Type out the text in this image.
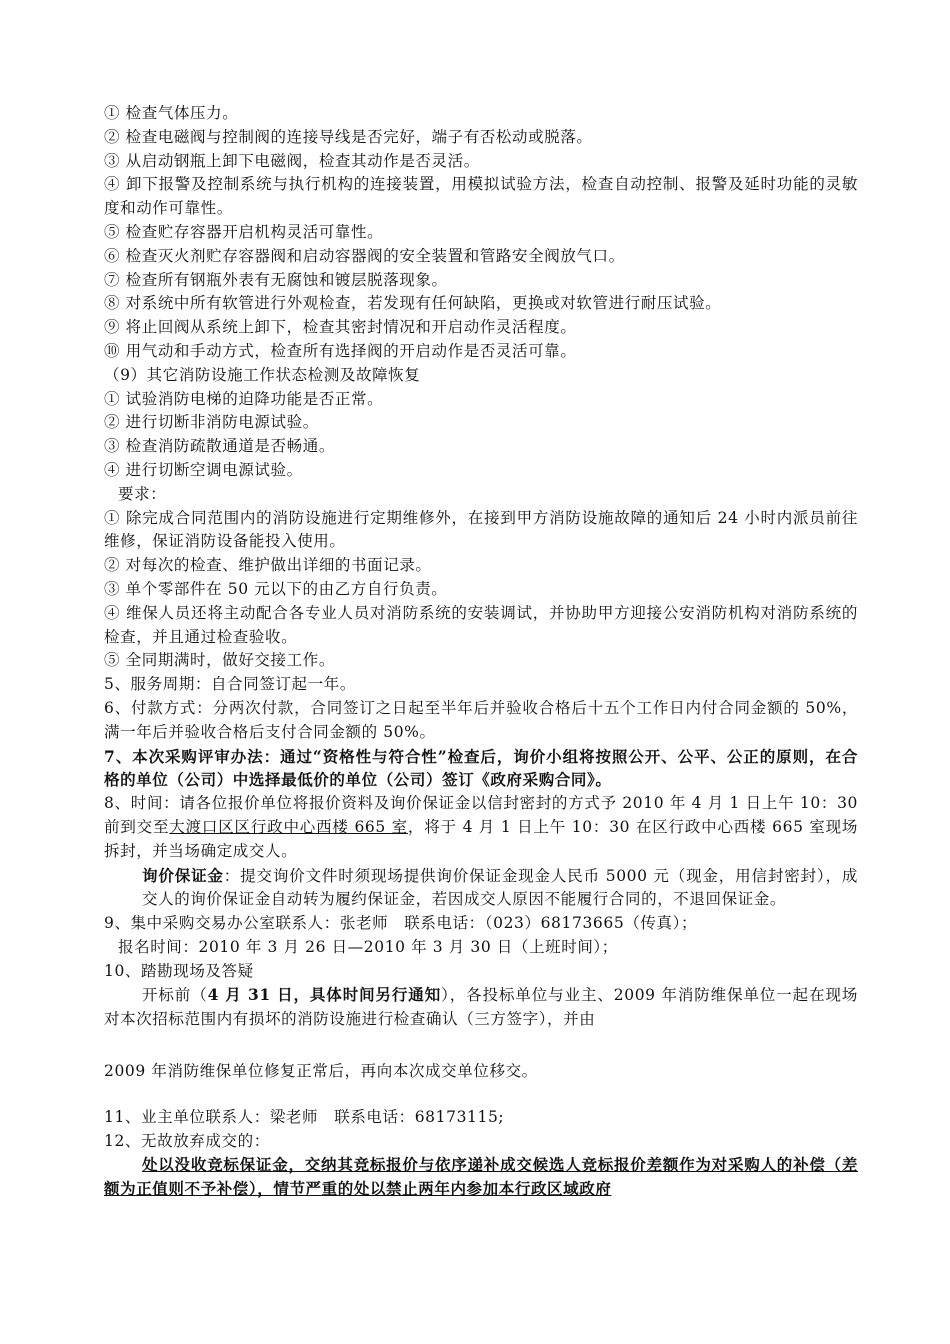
① 检查气体压力。
② 检查电磁阀与控制阀的连接导线是否完好，端子有否松动或脱落。
③ 从启动钢瓶上卸下电磁阀，检查其动作是否灵活。
④ 卸下报警及控制系统与执行机构的连接装置，用模拟试验方法，检查自动控制、报警及延时功能的灵敏度和动作可靠性。
⑤ 检查贮存容器开启机构灵活可靠性。
⑥ 检查灭火剂贮存容器阀和启动容器阀的安全装置和管路安全阀放气口。
⑦ 检查所有钢瓶外表有无腐蚀和镀层脱落现象。
⑧ 对系统中所有软管进行外观检查，若发现有任何缺陷，更换或对软管进行耐压试验。
⑨ 将止回阀从系统上卸下，检查其密封情况和开启动作灵活程度。
⑩ 用气动和手动方式，检查所有选择阀的开启动作是否灵活可靠。
（9）其它消防设施工作状态检测及故障恢复
① 试验消防电梯的迫降功能是否正常。
② 进行切断非消防电源试验。
③ 检查消防疏散通道是否畅通。
④ 进行切断空调电源试验。
要求：
① 除完成合同范围内的消防设施进行定期维修外，在接到甲方消防设施故障的通知后 24 小时内派员前往维修，保证消防设备能投入使用。
② 对每次的检查、维护做出详细的书面记录。
③ 单个零部件在 50 元以下的由乙方自行负责。
④ 维保人员还将主动配合各专业人员对消防系统的安装调试，并协助甲方迎接公安消防机构对消防系统的检查，并且通过检查验收。
⑤ 全同期满时，做好交接工作。
5、服务周期：自合同签订起一年。
6、付款方式：分两次付款，合同签订之日起至半年后并验收合格后十五个工作日内付合同金额的 50%，满一年后并验收合格后支付合同金额的 50%。
7、本次采购评审办法：通过“资格性与符合性”检查后，询价小组将按照公开、公平、公正的原则，在合格的单位（公司）中选择最低价的单位（公司）签订《政府采购合同》。
8、时间：请各位报价单位将报价资料及询价保证金以信封密封的方式予 2010 年 4 月 1 日上午 10：30 前到交至大渡口区区行政中心西楼 665 室，将于 4 月 1 日上午 10：30 在区行政中心西楼 665 室现场拆封，并当场确定成交人。
询价保证金：提交询价文件时须现场提供询价保证金现金人民币 5000 元（现金，用信封密封），成交人的询价保证金自动转为履约保证金，若因成交人原因不能履行合同的，不退回保证金。
9、集中采购交易办公室联系人：张老师　联系电话：（023）68173665（传真）；
报名时间：2010 年 3 月 26 日—2010 年 3 月 30 日（上班时间）；
10、踏勘现场及答疑
开标前（4 月 31 日，具体时间另行通知），各投标单位与业主、2009 年消防维保单位一起在现场对本次招标范围内有损坏的消防设施进行检查确认（三方签字），并由
2009 年消防维保单位修复正常后，再向本次成交单位移交。
11、业主单位联系人：梁老师　联系电话：68173115;
12、无故放弃成交的：
处以没收竞标保证金，交纳其竞标报价与依序递补成交候选人竞标报价差额作为对采购人的补偿（差额为正值则不予补偿），情节严重的处以禁止两年内参加本行政区域政府
